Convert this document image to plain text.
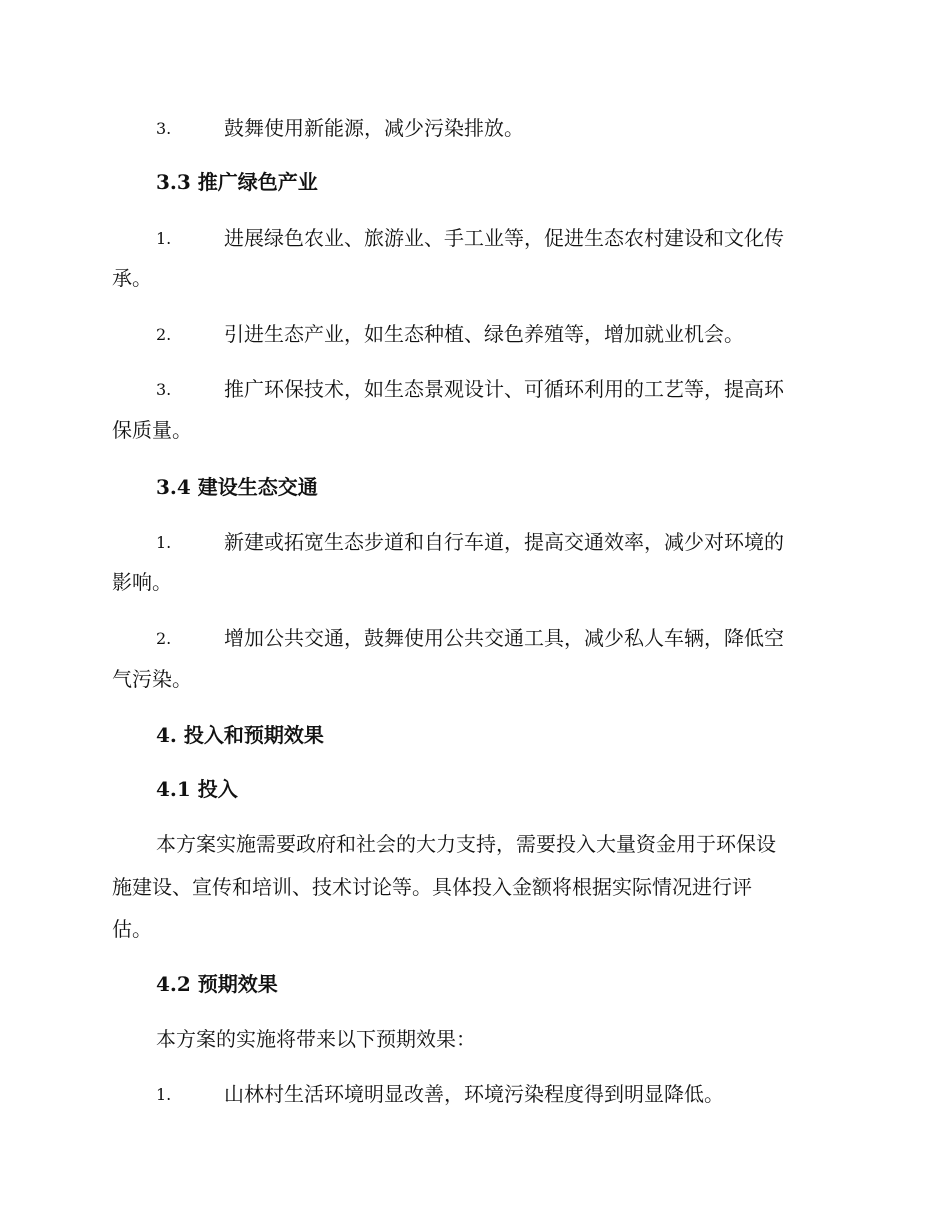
3.	鼓舞使用新能源，减少污染排放。
3.3 推广绿色产业
1.	进展绿色农业、旅游业、手工业等，促进生态农村建设和文化传
承。
2.	引进生态产业，如生态种植、绿色养殖等，增加就业机会。
3.	推广环保技术，如生态景观设计、可循环利用的工艺等，提高环
保质量。
3.4 建设生态交通
1.	新建或拓宽生态步道和自行车道，提高交通效率，减少对环境的
影响。
2.	增加公共交通，鼓舞使用公共交通工具，减少私人车辆，降低空
气污染。
4. 投入和预期效果
4.1 投入
本方案实施需要政府和社会的大力支持，需要投入大量资金用于环保设
施建设、宣传和培训、技术讨论等。具体投入金额将根据实际情况进行评
估。
4.2 预期效果
本方案的实施将带来以下预期效果：
1.	山林村生活环境明显改善，环境污染程度得到明显降低。
